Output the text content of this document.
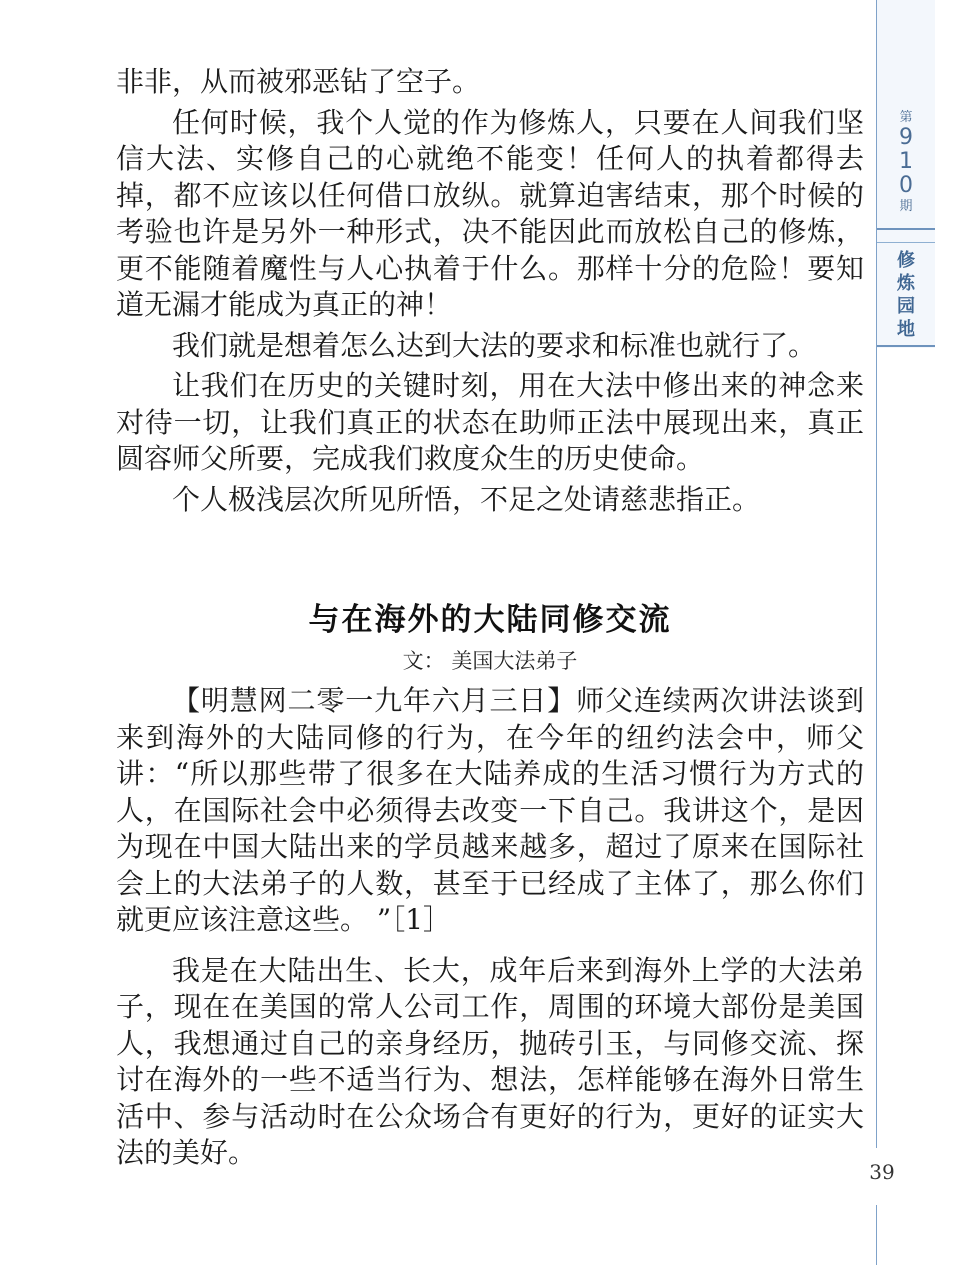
非非，从而被邪恶钻了空子。

任何时候，我个人觉的作为修炼人，只要在人间我们坚信大法、实修自己的心就绝不能变！任何人的执着都得去掉，都不应该以任何借口放纵。就算迫害结束，那个时候的考验也许是另外一种形式，决不能因此而放松自己的修炼，更不能随着魔性与人心执着于什么。那样十分的危险！要知道无漏才能成为真正的神！

我们就是想着怎么达到大法的要求和标准也就行了。

让我们在历史的关键时刻，用在大法中修出来的神念来对待一切，让我们真正的状态在助师正法中展现出来，真正圆容师父所要，完成我们救度众生的历史使命。

个人极浅层次所见所悟，不足之处请慈悲指正。

与在海外的大陆同修交流
文： 美国大法弟子

【明慧网二零一九年六月三日】师父连续两次讲法谈到来到海外的大陆同修的行为，在今年的纽约法会中，师父讲：“所以那些带了很多在大陆养成的生活习惯行为方式的人，在国际社会中必须得去改变一下自己。我讲这个，是因为现在中国大陆出来的学员越来越多，超过了原来在国际社会上的大法弟子的人数，甚至于已经成了主体了，那么你们就更应该注意这些。 ”［1］

我是在大陆出生、长大，成年后来到海外上学的大法弟子，现在在美国的常人公司工作，周围的环境大部份是美国人，我想通过自己的亲身经历，抛砖引玉，与同修交流、探讨在海外的一些不适当行为、想法，怎样能够在海外日常生活中、参与活动时在公众场合有更好的行为，更好的证实大法的美好。

第
9
1
0
期
修
炼
园
地
39
